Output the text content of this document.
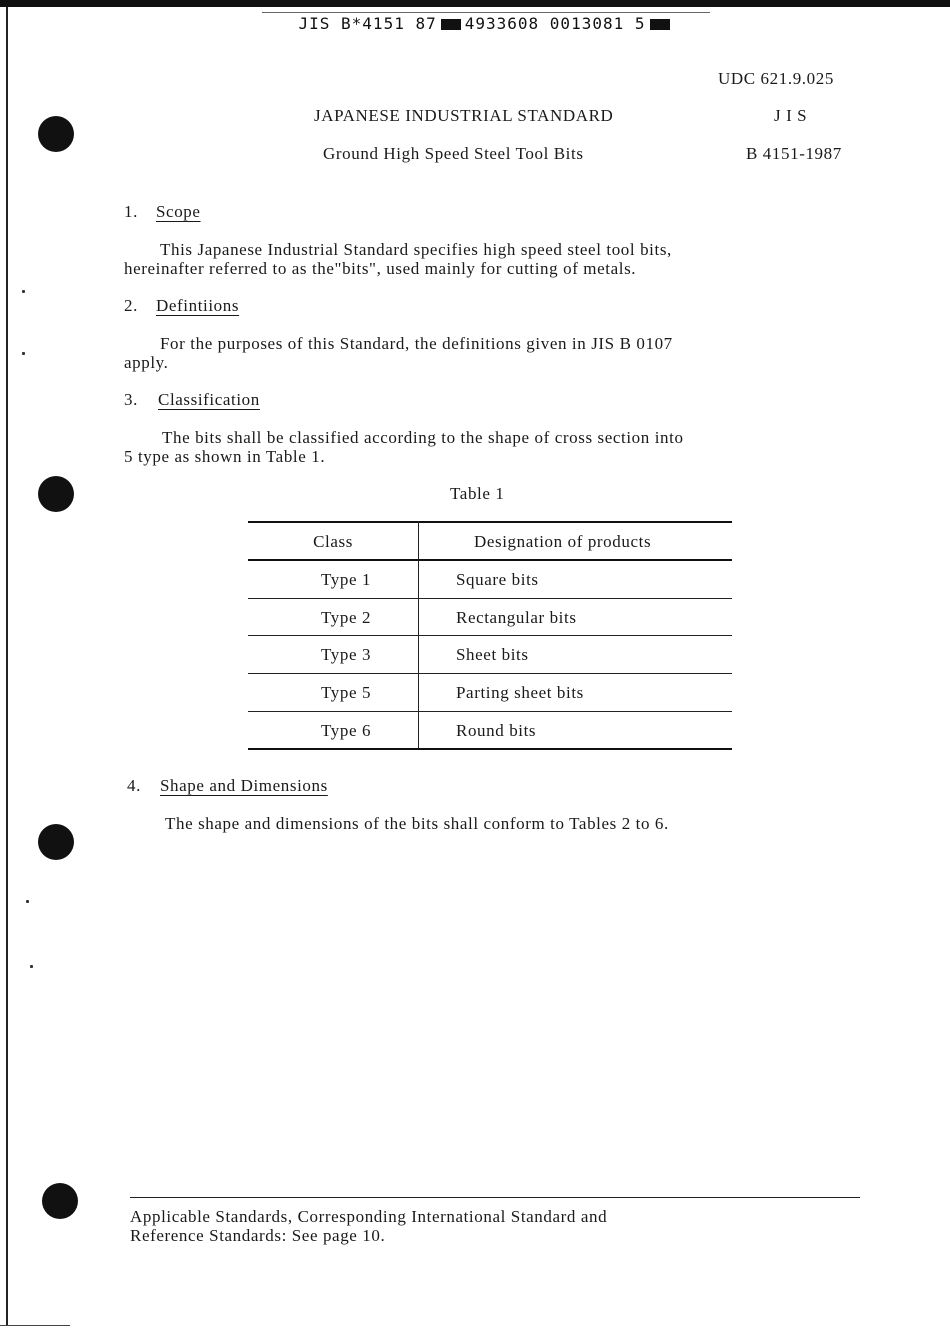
JIS B*4151 87 4933608 0013081 5
UDC 621.9.025
JAPANESE INDUSTRIAL STANDARD	J I S
Ground High Speed Steel Tool Bits	B 4151-1987
1. Scope
This Japanese Industrial Standard specifies high speed steel tool bits,
hereinafter referred to as the"bits", used mainly for cutting of metals.
2. Defintiions
For the purposes of this Standard, the definitions given in JIS B 0107
apply.
3. Classification
The bits shall be classified according to the shape of cross section into
5 type as shown in Table 1.
Table 1
Class	Designation of products
Type 1	Square bits
Type 2	Rectangular bits
Type 3	Sheet bits
Type 5	Parting sheet bits
Type 6	Round bits
4. Shape and Dimensions
The shape and dimensions of the bits shall conform to Tables 2 to 6.
Applicable Standards, Corresponding International Standard and
Reference Standards: See page 10.
